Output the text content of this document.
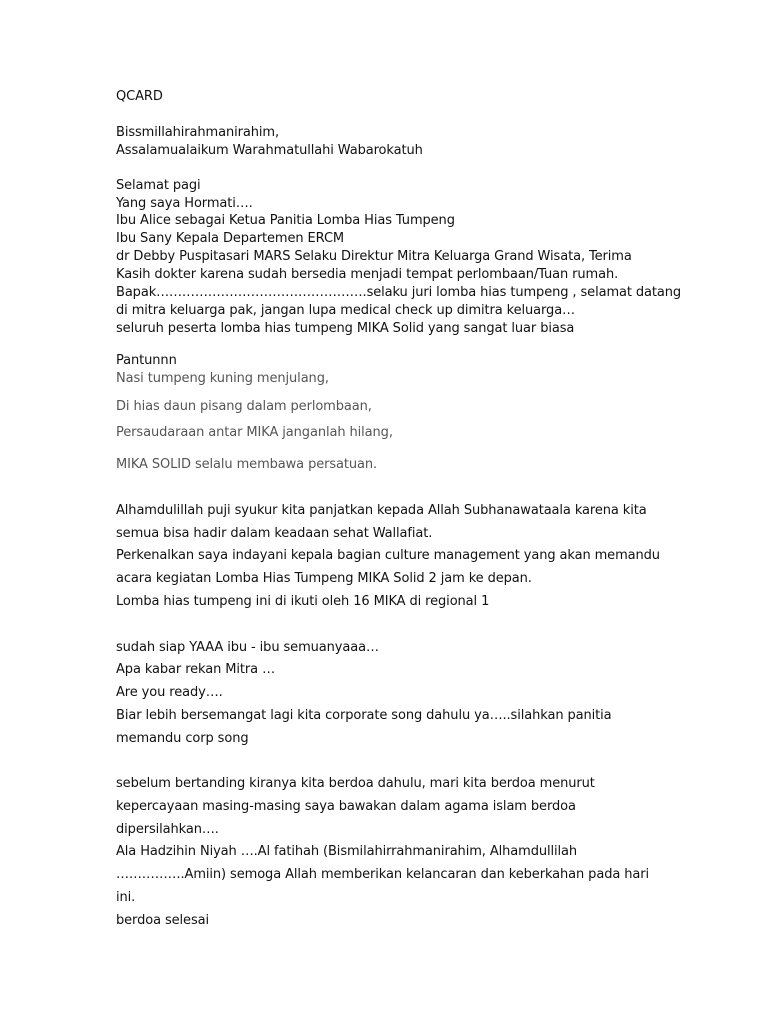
QCARD
Bissmillahirahmanirahim,
Assalamualaikum Warahmatullahi Wabarokatuh
Selamat pagi
Yang saya Hormati….
Ibu Alice sebagai Ketua Panitia Lomba Hias Tumpeng
Ibu Sany Kepala Departemen ERCM
dr Debby Puspitasari MARS Selaku Direktur Mitra Keluarga Grand Wisata, Terima
Kasih dokter karena sudah bersedia menjadi tempat perlombaan/Tuan rumah.
Bapak………………………………………….selaku juri lomba hias tumpeng , selamat datang
di mitra keluarga pak, jangan lupa medical check up dimitra keluarga…
seluruh peserta lomba hias tumpeng MIKA Solid yang sangat luar biasa
Pantunnn
Nasi tumpeng kuning menjulang,
Di hias daun pisang dalam perlombaan,
Persaudaraan antar MIKA janganlah hilang,
MIKA SOLID selalu membawa persatuan.
Alhamdulillah puji syukur kita panjatkan kepada Allah Subhanawataala karena kita
semua bisa hadir dalam keadaan sehat Wallafiat.
Perkenalkan saya indayani kepala bagian culture management yang akan memandu
acara kegiatan Lomba Hias Tumpeng MIKA Solid 2 jam ke depan.
Lomba hias tumpeng ini di ikuti oleh 16 MIKA di regional 1
sudah siap YAAA ibu - ibu semuanyaaa…
Apa kabar rekan Mitra …
Are you ready….
Biar lebih bersemangat lagi kita corporate song dahulu ya…..silahkan panitia
memandu corp song
sebelum bertanding kiranya kita berdoa dahulu, mari kita berdoa menurut
kepercayaan masing-masing saya bawakan dalam agama islam berdoa
dipersilahkan….
Ala Hadzihin Niyah ….Al fatihah (Bismilahirrahmanirahim, Alhamdullilah
…………….Amiin) semoga Allah memberikan kelancaran dan keberkahan pada hari
ini.
berdoa selesai
